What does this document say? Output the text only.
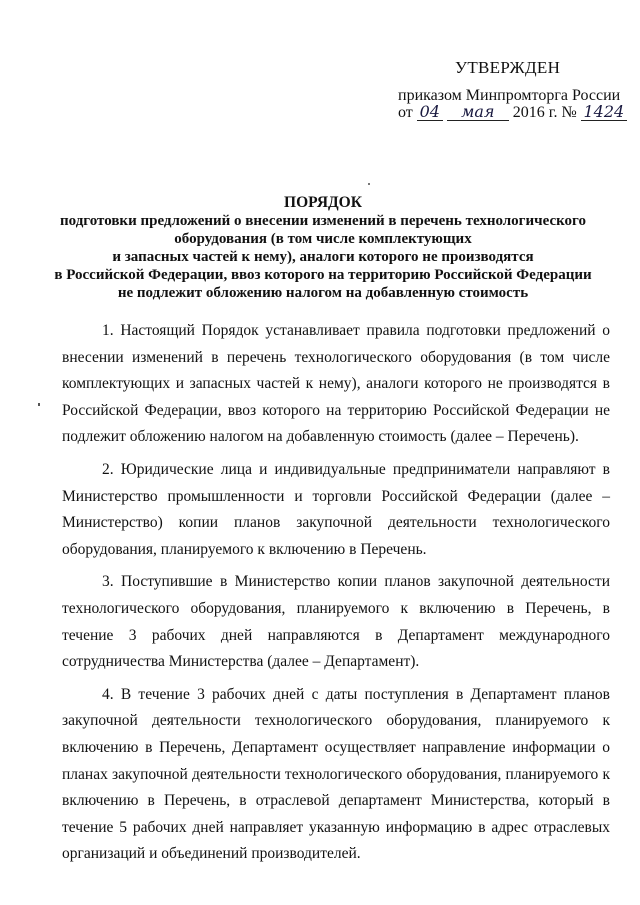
УТВЕРЖДЕН
приказом Минпромторга России
от 04 мая 2016 г. № 1424
ПОРЯДОК
подготовки предложений о внесении изменений в перечень технологического
оборудования (в том числе комплектующих
и запасных частей к нему), аналоги которого не производятся
в Российской Федерации, ввоз которого на территорию Российской Федерации
не подлежит обложению налогом на добавленную стоимость

1. Настоящий Порядок устанавливает правила подготовки предложений о внесении изменений в перечень технологического оборудования (в том числе комплектующих и запасных частей к нему), аналоги которого не производятся в Российской Федерации, ввоз которого на территорию Российской Федерации не подлежит обложению налогом на добавленную стоимость (далее – Перечень).

2. Юридические лица и индивидуальные предприниматели направляют в Министерство промышленности и торговли Российской Федерации (далее – Министерство) копии планов закупочной деятельности технологического оборудования, планируемого к включению в Перечень.

3. Поступившие в Министерство копии планов закупочной деятельности технологического оборудования, планируемого к включению в Перечень, в течение 3 рабочих дней направляются в Департамент международного сотрудничества Министерства (далее – Департамент).

4. В течение 3 рабочих дней с даты поступления в Департамент планов закупочной деятельности технологического оборудования, планируемого к включению в Перечень, Департамент осуществляет направление информации о планах закупочной деятельности технологического оборудования, планируемого к включению в Перечень, в отраслевой департамент Министерства, который в течение 5 рабочих дней направляет указанную информацию в адрес отраслевых организаций и объединений производителей.
